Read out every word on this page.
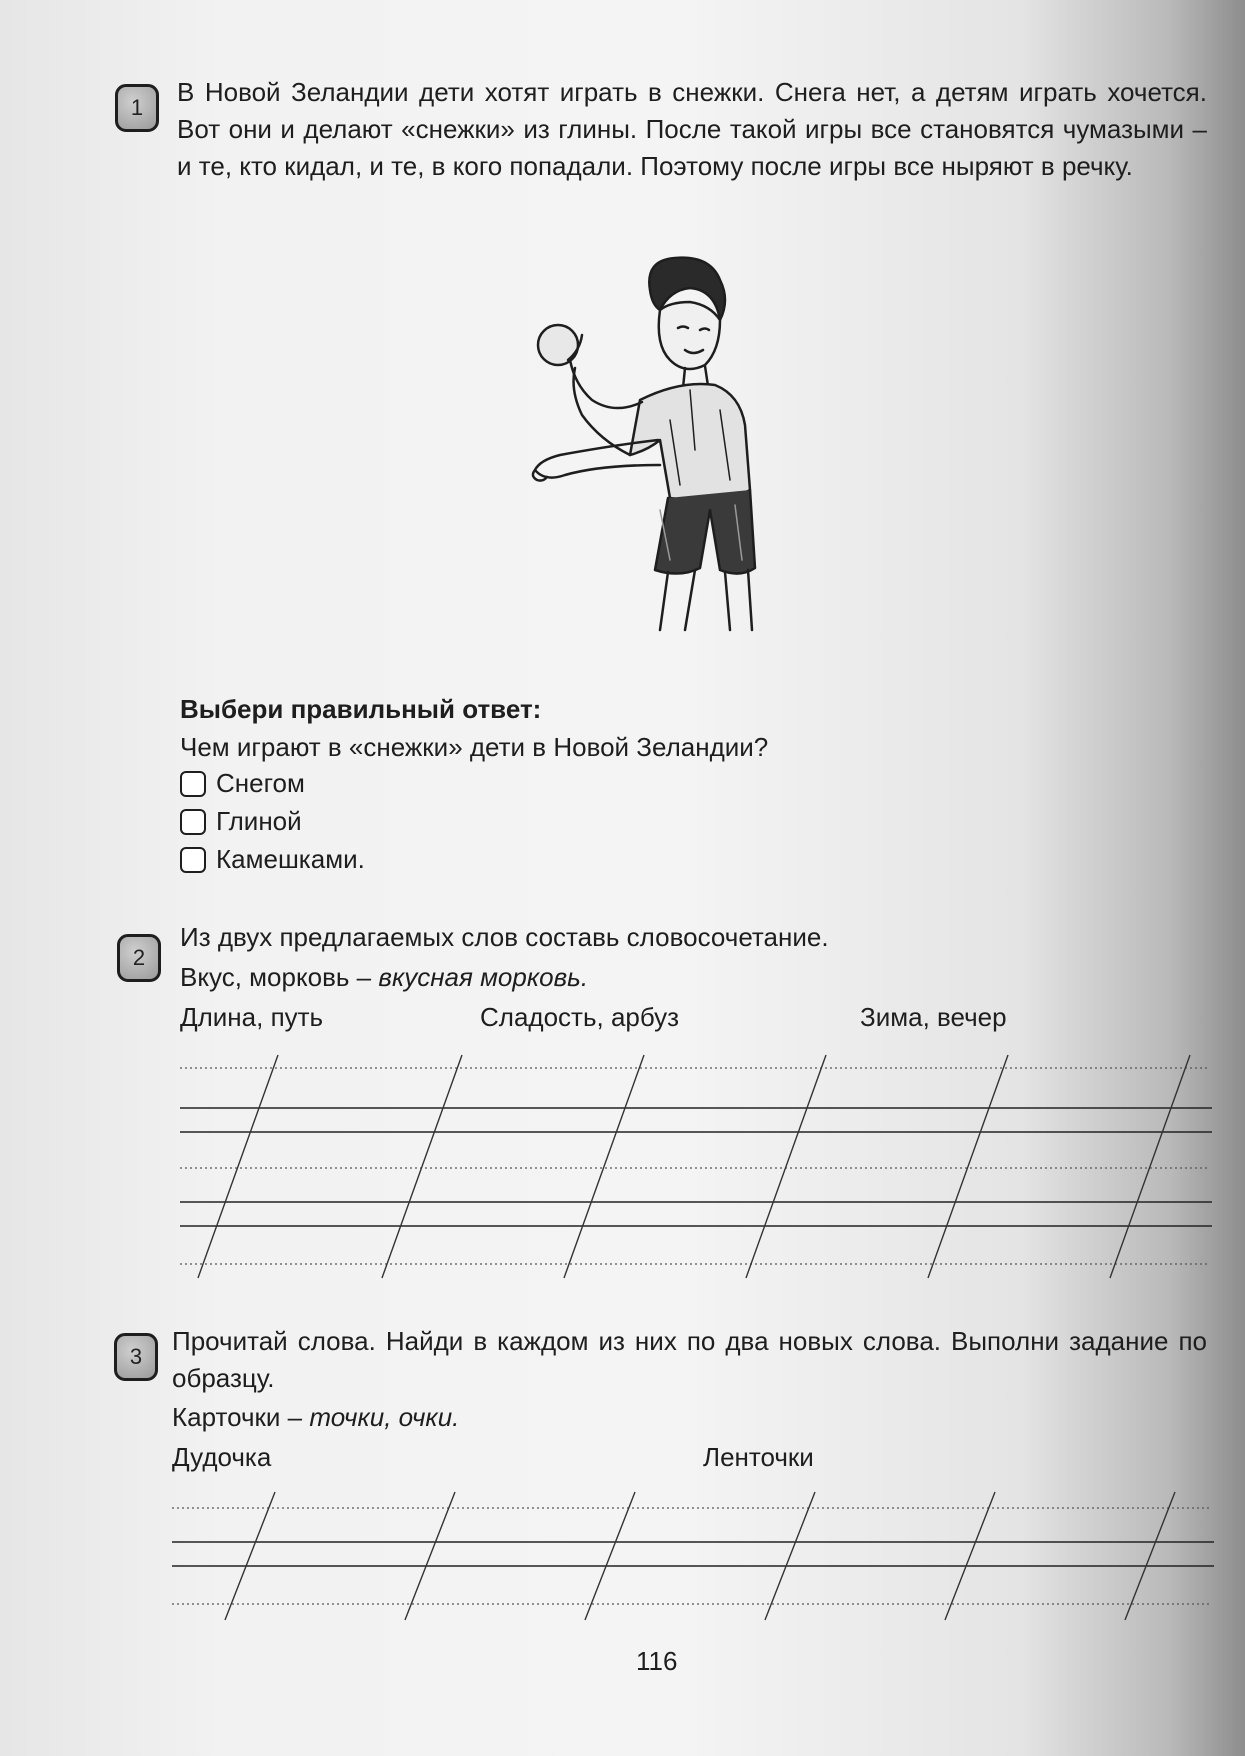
1
В Новой Зеландии дети хотят играть в снежки. Снега нет, а детям играть хочется. Вот они и делают «снежки» из глины. После такой игры все становятся чумазыми – и те, кто кидал, и те, в кого попадали. Поэтому после игры все ныряют в речку.
Выбери правильный ответ:
Чем играют в «снежки» дети в Новой Зеландии?
Снегом
Глиной
Камешками.
2
Из двух предлагаемых слов составь словосочетание.
Вкус, морковь – вкусная морковь.
Длина, путь	Сладость, арбуз	Зима, вечер
3
Прочитай слова. Найди в каждом из них по два новых слова. Выполни задание по образцу.
Карточки – точки, очки.
Дудочка	Ленточки
116
